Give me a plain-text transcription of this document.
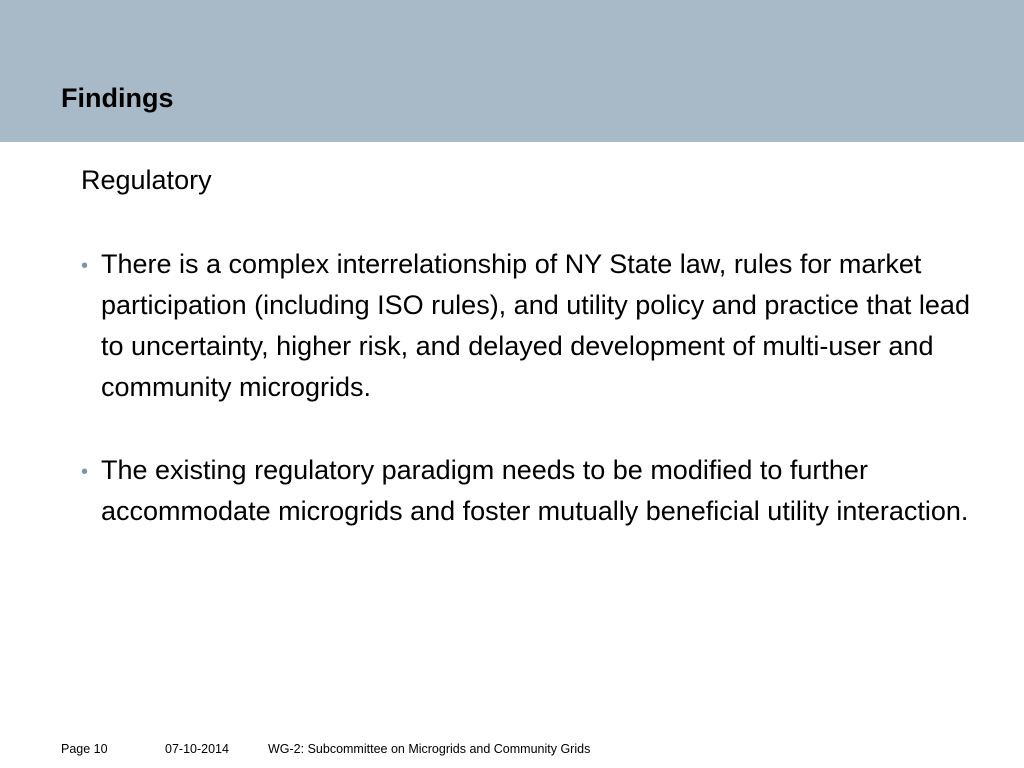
Findings
Regulatory
• There is a complex interrelationship of NY State law, rules for market participation (including ISO rules), and utility policy and practice that lead to uncertainty, higher risk, and delayed development of multi-user and community microgrids.
• The existing regulatory paradigm needs to be modified to further accommodate microgrids and foster mutually beneficial utility interaction.
Page 10	07-10-2014	WG-2: Subcommittee on Microgrids and Community Grids
